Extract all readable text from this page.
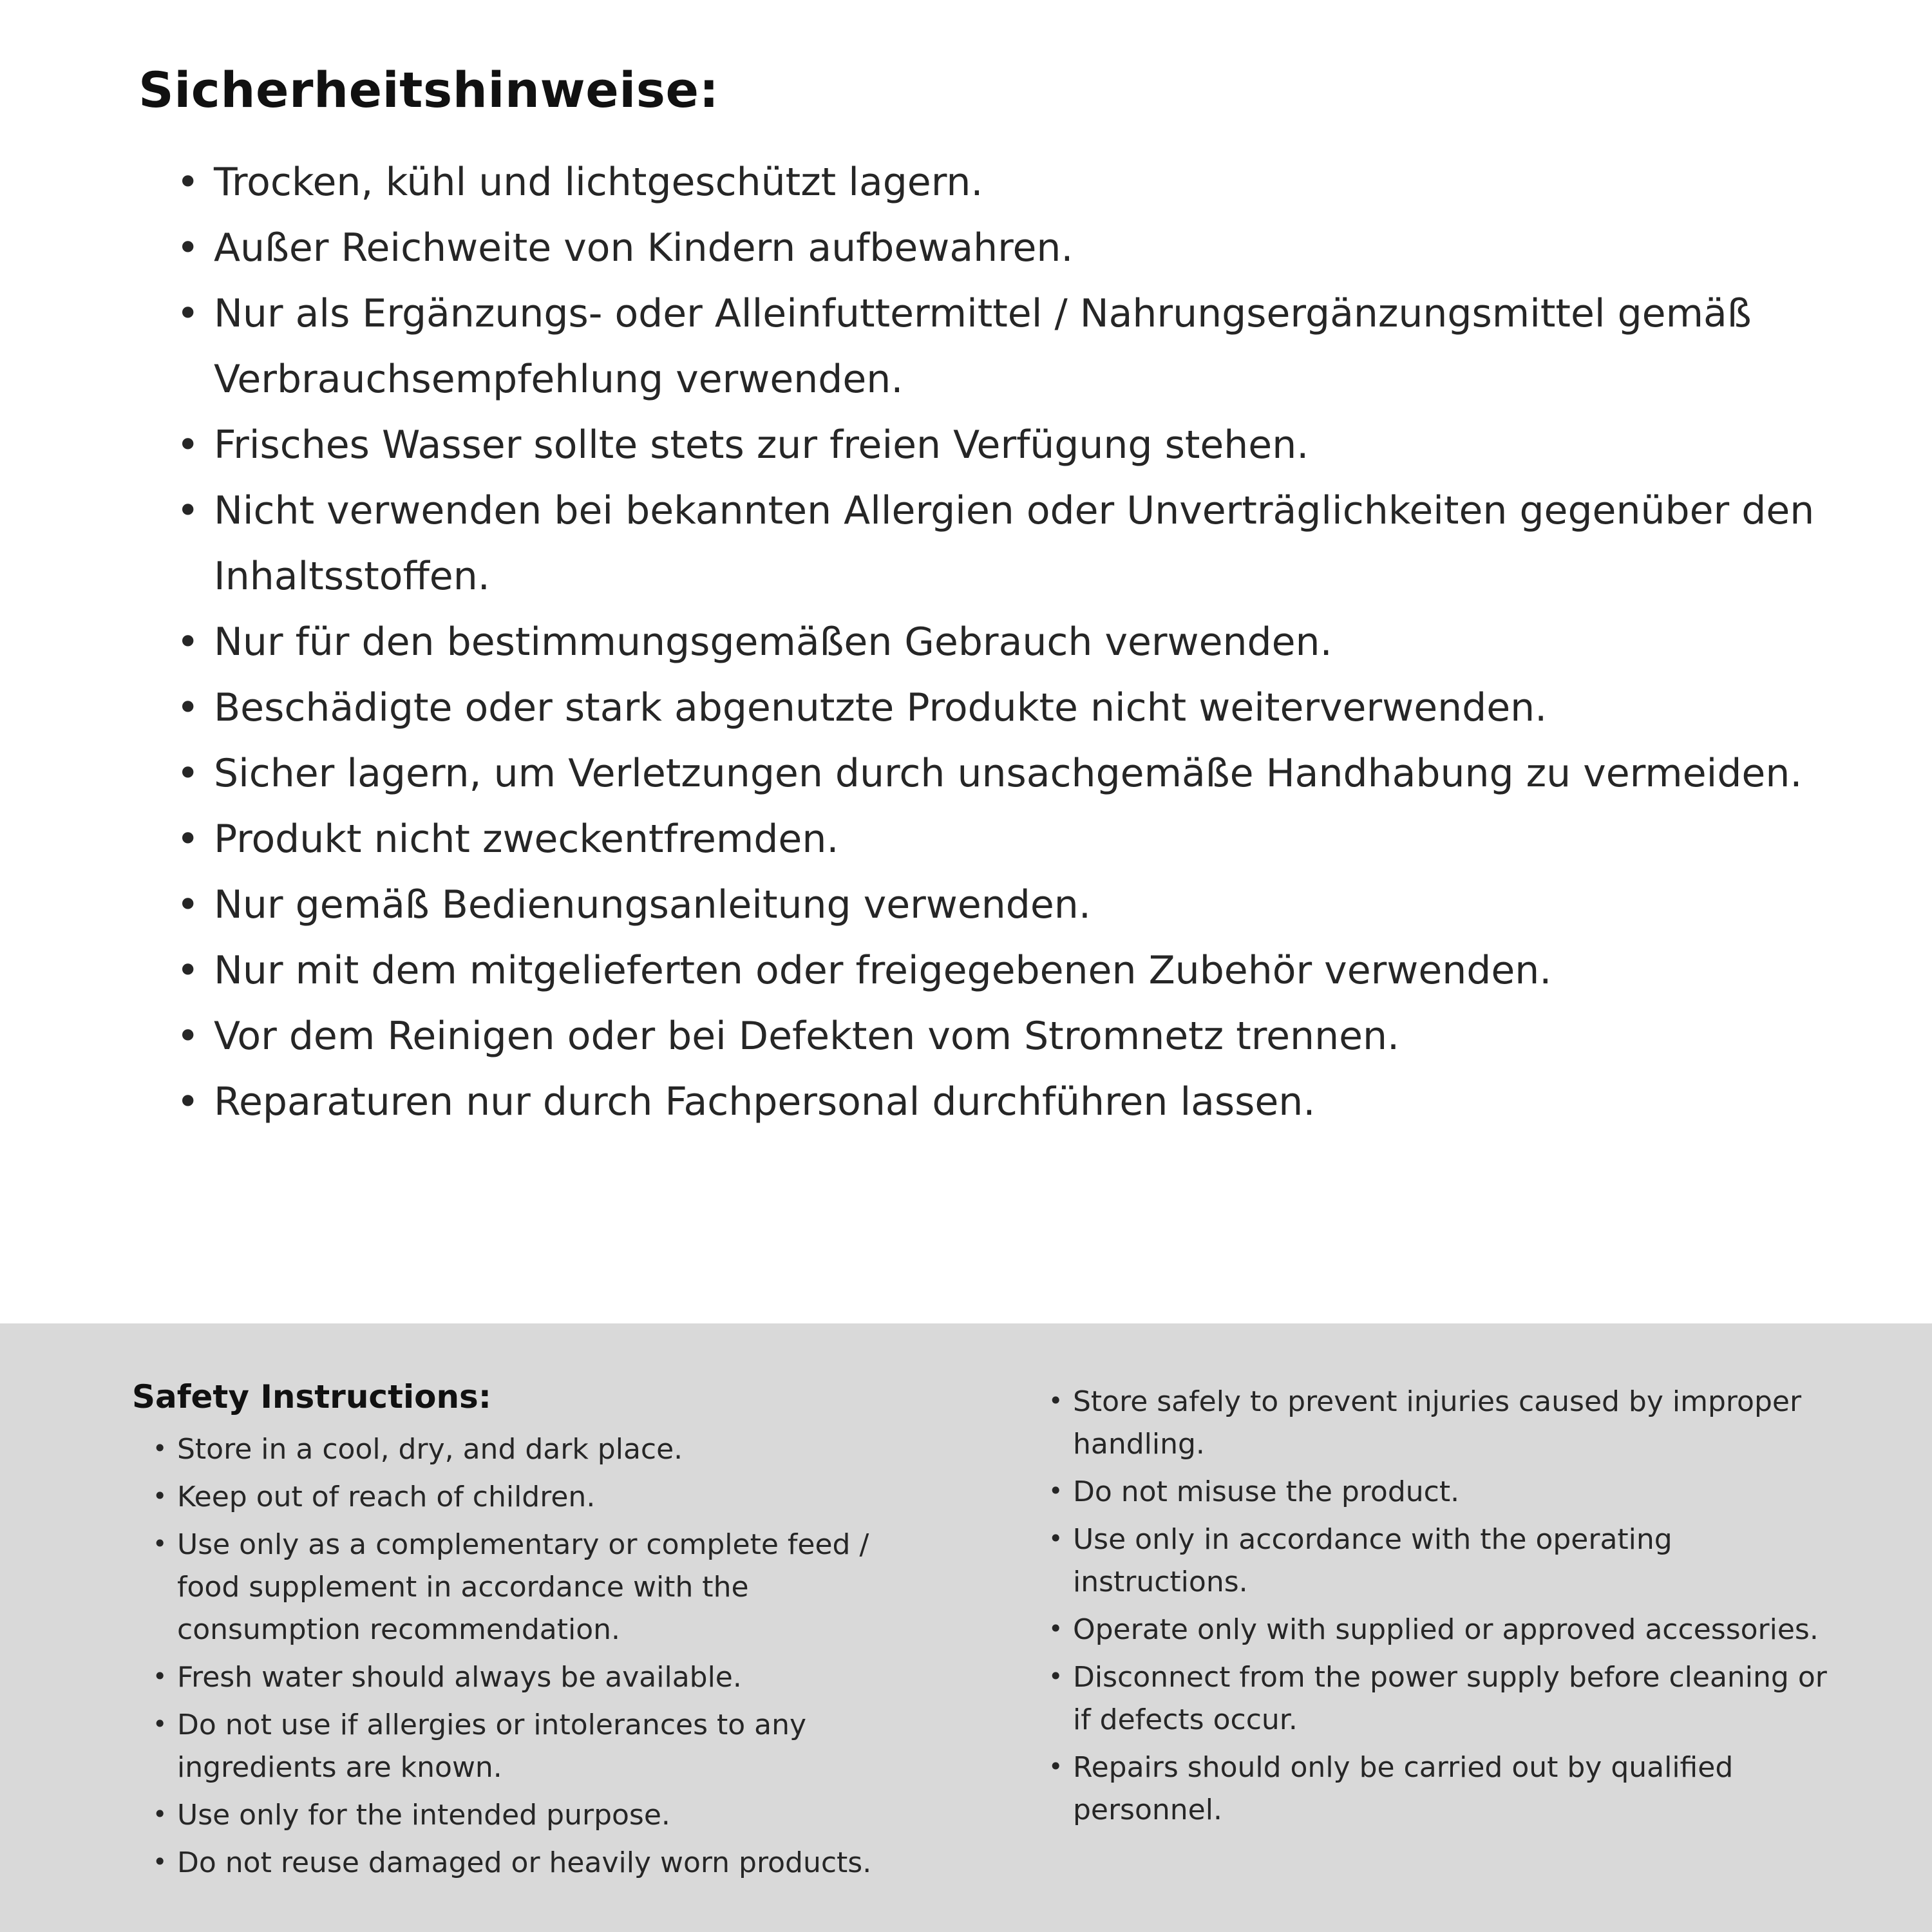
Sicherheitshinweise:
• Trocken, kühl und lichtgeschützt lagern.
• Außer Reichweite von Kindern aufbewahren.
• Nur als Ergänzungs- oder Alleinfuttermittel / Nahrungsergänzungsmittel gemäß Verbrauchsempfehlung verwenden.
• Frisches Wasser sollte stets zur freien Verfügung stehen.
• Nicht verwenden bei bekannten Allergien oder Unverträglichkeiten gegenüber den Inhaltsstoffen.
• Nur für den bestimmungsgemäßen Gebrauch verwenden.
• Beschädigte oder stark abgenutzte Produkte nicht weiterverwenden.
• Sicher lagern, um Verletzungen durch unsachgemäße Handhabung zu vermeiden.
• Produkt nicht zweckentfremden.
• Nur gemäß Bedienungsanleitung verwenden.
• Nur mit dem mitgelieferten oder freigegebenen Zubehör verwenden.
• Vor dem Reinigen oder bei Defekten vom Stromnetz trennen.
• Reparaturen nur durch Fachpersonal durchführen lassen.
Safety Instructions:
• Store in a cool, dry, and dark place.
• Keep out of reach of children.
• Use only as a complementary or complete feed / food supplement in accordance with the consumption recommendation.
• Fresh water should always be available.
• Do not use if allergies or intolerances to any ingredients are known.
• Use only for the intended purpose.
• Do not reuse damaged or heavily worn products.
• Store safely to prevent injuries caused by improper handling.
• Do not misuse the product.
• Use only in accordance with the operating instructions.
• Operate only with supplied or approved accessories.
• Disconnect from the power supply before cleaning or if defects occur.
• Repairs should only be carried out by qualified personnel.
